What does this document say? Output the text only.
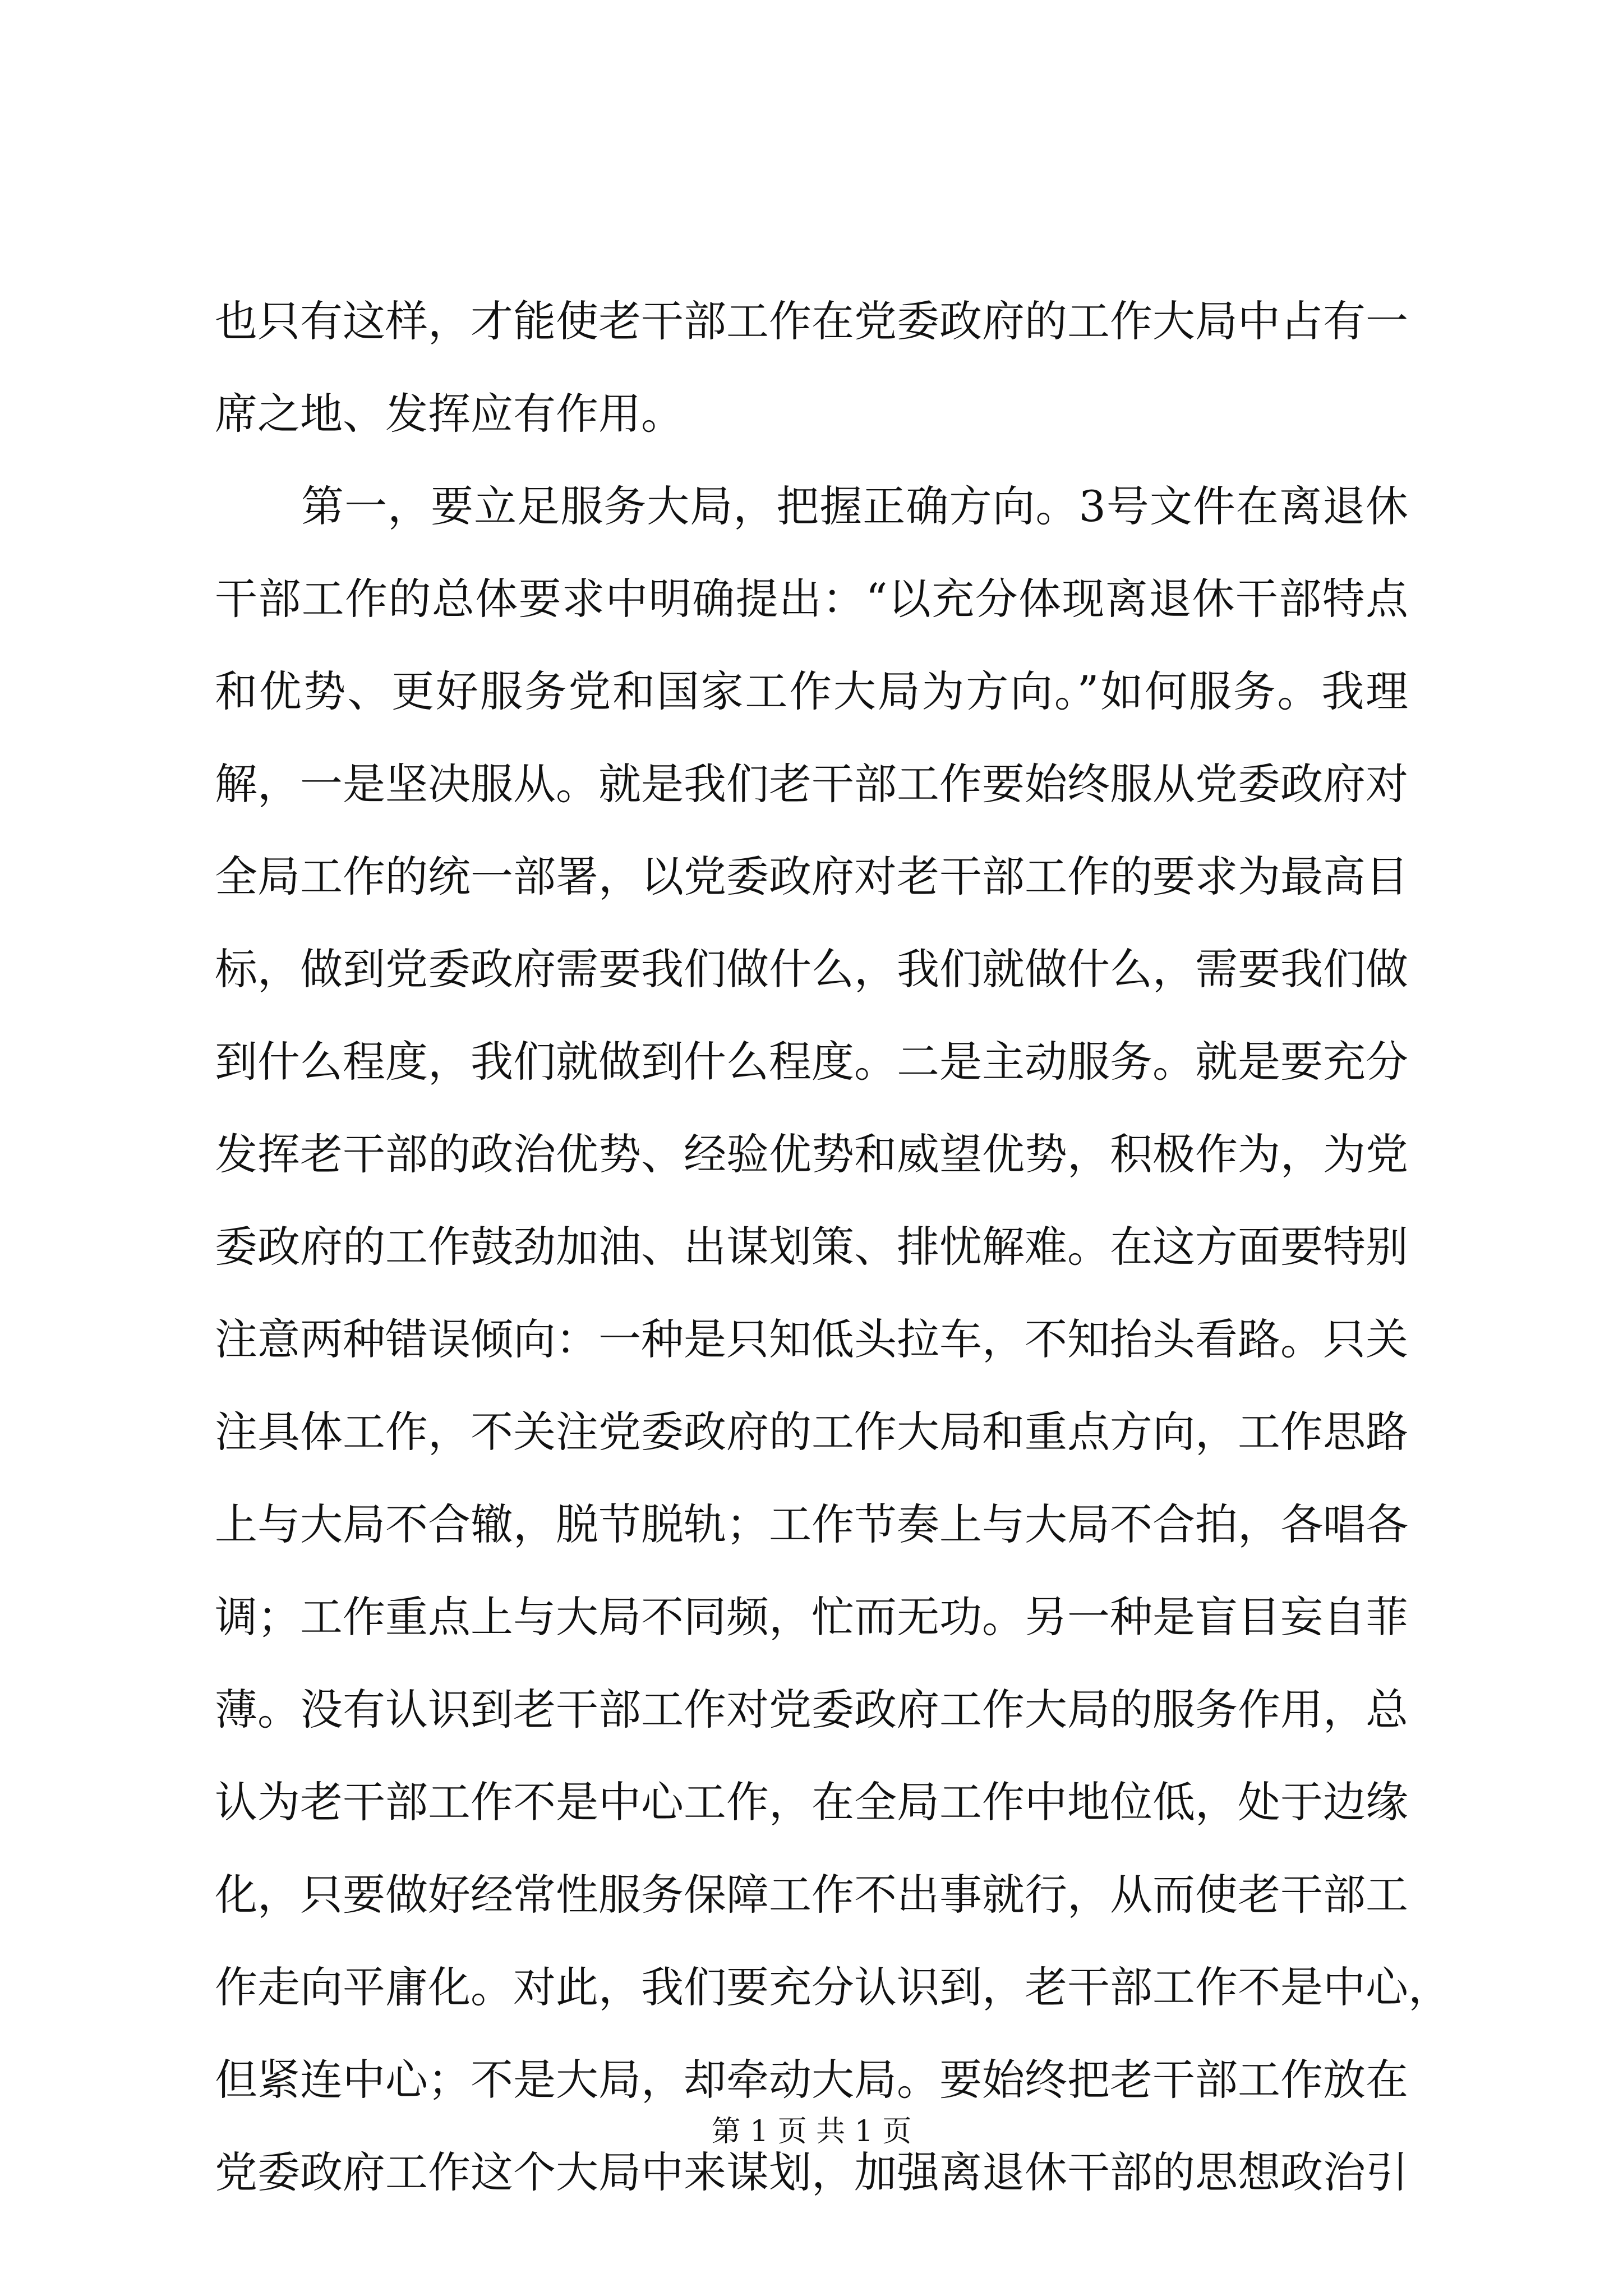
也只有这样，才能使老干部工作在党委政府的工作大局中占有一
席之地、发挥应有作用。
　　第一，要立足服务大局，把握正确方向。3号文件在离退休
干部工作的总体要求中明确提出：“以充分体现离退休干部特点
和优势、更好服务党和国家工作大局为方向。”如何服务。我理
解，一是坚决服从。就是我们老干部工作要始终服从党委政府对
全局工作的统一部署，以党委政府对老干部工作的要求为最高目
标，做到党委政府需要我们做什么，我们就做什么，需要我们做
到什么程度，我们就做到什么程度。二是主动服务。就是要充分
发挥老干部的政治优势、经验优势和威望优势，积极作为，为党
委政府的工作鼓劲加油、出谋划策、排忧解难。在这方面要特别
注意两种错误倾向：一种是只知低头拉车，不知抬头看路。只关
注具体工作，不关注党委政府的工作大局和重点方向，工作思路
上与大局不合辙，脱节脱轨；工作节奏上与大局不合拍，各唱各
调；工作重点上与大局不同频，忙而无功。另一种是盲目妄自菲
薄。没有认识到老干部工作对党委政府工作大局的服务作用，总
认为老干部工作不是中心工作，在全局工作中地位低，处于边缘
化，只要做好经常性服务保障工作不出事就行，从而使老干部工
作走向平庸化。对此，我们要充分认识到，老干部工作不是中心，
但紧连中心；不是大局，却牵动大局。要始终把老干部工作放在
党委政府工作这个大局中来谋划，加强离退休干部的思想政治引
第 1 页 共 1 页
